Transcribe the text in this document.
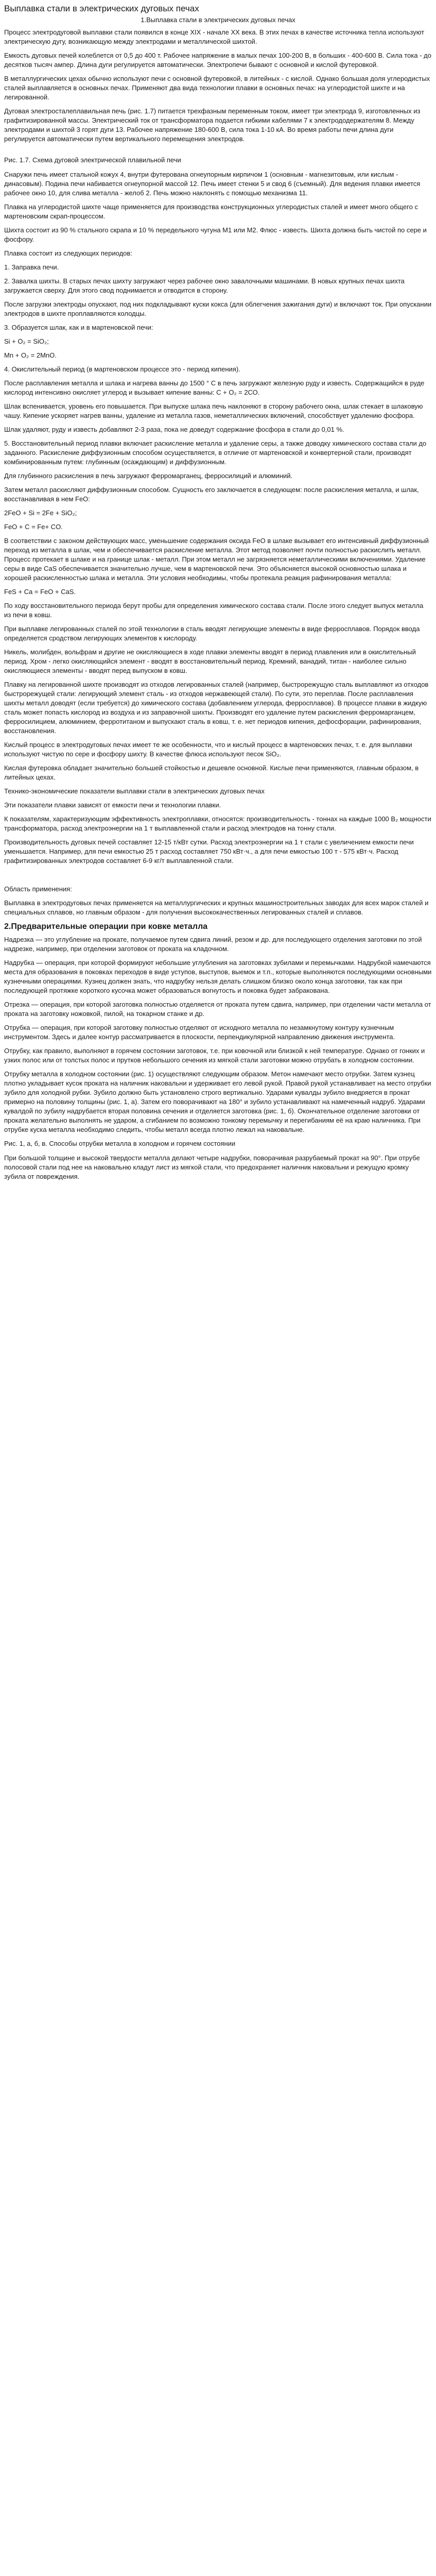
Выплавка стали в электрических дуговых печах
1.Выплавка стали в электрических дуговых печах

Процесс электродуговой выплавки стали появился в конце XIX - начале XX века. В этих печах в качестве источника тепла используют электрическую дугу, возникающую между электродами и металлической шихтой.

Емкость дуговых печей колеблется от 0,5 до 400 т. Рабочее напряжение в малых печах 100-200 В, в больших - 400-600 В. Сила тока - до десятков тысяч ампер. Длина дуги регулируется автоматически. Электропечи бывают с основной и кислой футеровкой.

В металлургических цехах обычно используют печи с основной футеровкой, в литейных - с кислой. Однако большая доля углеродистых сталей выплавляется в основных печах. Применяют два вида технологии плавки в основных печах: на углеродистой шихте и на легированной.

Дуговая электросталеплавильная печь (рис. 1.7) питается трехфазным переменным током, имеет три электрода 9, изготовленных из графитизированной массы. Электрический ток от трансформатора подается гибкими кабелями 7 к электрододержателям 8. Между электродами и шихтой 3 горят дуги 13. Рабочее напряжение 180-600 В, сила тока 1-10 кА. Во время работы печи длина дуги регулируется автоматически путем вертикального перемещения электродов.

Рис. 1.7. Схема дуговой электрической плавильной печи

Снаружи печь имеет стальной кожух 4, внутри футерована огнеупорным кирпичом 1 (основным - магнезитовым, или кислым - динасовым). Подина печи набивается огнеупорной массой 12. Печь имеет стенки 5 и свод 6 (съемный). Для ведения плавки имеется рабочее окно 10, для слива металла - желоб 2. Печь можно наклонять с помощью механизма 11.

Плавка на углеродистой шихте чаще применяется для производства конструкционных углеродистых сталей и имеет много общего с мартеновским скрап-процессом.

Шихта состоит из 90 % стального скрапа и 10 % передельного чугуна М1 или М2. Флюс - известь. Шихта должна быть чистой по сере и фосфору.

Плавка состоит из следующих периодов:

1. Заправка печи.

2. Завалка шихты. В старых печах шихту загружают через рабочее окно завалочными машинами. В новых крупных печах шихта загружается сверху. Для этого свод поднимается и отводится в сторону.

После загрузки электроды опускают, под них подкладывают куски кокса (для облегчения зажигания дуги) и включают ток. При опускании электродов в шихте проплавляются колодцы.

3. Образуется шлак, как и в мартеновской печи:

Si + O₂ = SiO₂;

Mn + O₂ = 2MnO.

4. Окислительный период (в мартеновском процессе это - период кипения).

После расплавления металла и шлака и нагрева ванны до 1500 ° С в печь загружают железную руду и известь. Содержащийся в руде кислород интенсивно окисляет углерод и вызывает кипение ванны: С + О₂ = 2СО.

Шлак вспенивается, уровень его повышается. При выпуске шлака печь наклоняют в сторону рабочего окна, шлак стекает в шлаковую чашу. Кипение ускоряет нагрев ванны, удаление из металла газов, неметаллических включений, способствует удалению фосфора.

Шлак удаляют, руду и известь добавляют 2-3 раза, пока не доведут содержание фосфора в стали до 0,01 %.

5. Восстановительный период плавки включает раскисление металла и удаление серы, а также доводку химического состава стали до заданного. Раскисление диффузионным способом осуществляется, в отличие от мартеновской и конвертерной стали, производят комбинированным путем: глубинным (осаждающим) и диффузионным.

Для глубинного раскисления в печь загружают ферромарганец, ферросилиций и алюминий.

Затем металл раскисляют диффузионным способом. Сущность его заключается в следующем: после раскисления металла, и шлак, восстанавливая в нем FeO:

2FeO + Si = 2Fe + SiO₂;

FeO + C = Fe+ CO.

В соответствии с законом действующих масс, уменьшение содержания оксида FeO в шлаке вызывает его интенсивный диффузионный переход из металла в шлак, чем и обеспечивается раскисление металла. Этот метод позволяет почти полностью раскислить металл. Процесс протекает в шлаке и на границе шлак - металл. При этом металл не загрязняется неметаллическими включениями. Удаление серы в виде CaS обеспечивается значительно лучше, чем в мартеновской печи. Это объясняется высокой основностью шлака и хорошей раскисленностью шлака и металла. Эти условия необходимы, чтобы протекала реакция рафинирования металла:

FeS + Ca = FeO + CaS.

По ходу восстановительного периода берут пробы для определения химического состава стали. После этого следует выпуск металла из печи в ковш.

При выплавке легированных сталей по этой технологии в сталь вводят легирующие элементы в виде ферросплавов. Порядок ввода определяется сродством легирующих элементов к кислороду.

Никель, молибден, вольфрам и другие не окисляющиеся в ходе плавки элементы вводят в период плавления или в окислительный период. Хром - легко окисляющийся элемент - вводят в восстановительный период. Кремний, ванадий, титан - наиболее сильно окисляющиеся элементы - вводят перед выпуском в ковш.

Плавку на легированной шихте производят из отходов легированных сталей (например, быстрорежущую сталь выплавляют из отходов быстрорежущей стали: легирующий элемент сталь - из отходов нержавеющей стали). По сути, это переплав. После расплавления шихты металл доводят (если требуется) до химического состава (добавлением углерода, ферросплавов). В процессе плавки в жидкую сталь может попасть кислород из воздуха и из заправочной шихты. Производят его удаление путем раскисления ферромарганцем, ферросилицием, алюминием, ферротитаном и выпускают сталь в ковш, т. е. нет периодов кипения, дефосфорации, рафинирования, восстановления.

Кислый процесс в электродуговых печах имеет те же особенности, что и кислый процесс в мартеновских печах, т. е. для выплавки используют чистую по сере и фосфору шихту. В качестве флюса используют песок SiO₂.

Кислая футеровка обладает значительно большей стойкостью и дешевле основной. Кислые печи применяются, главным образом, в литейных цехах.

Технико-экономические показатели выплавки стали в электрических дуговых печах

Эти показатели плавки зависят от емкости печи и технологии плавки.

К показателям, характеризующим эффективность электроплавки, относятся: производительность - тоннах на каждые 1000 В₂ мощности трансформатора, расход электроэнергии на 1 т выплавленной стали и расход электродов на тонну стали.

Производительность дуговых печей составляет 12-15 т/кВт сутки. Расход электроэнергии на 1 т стали с увеличением емкости печи уменьшается. Например, для печи емкостью 25 т расход составляет 750 кВт·ч., а для печи емкостью 100 т - 575 кВт·ч. Расход графитизированных электродов составляет 6-9 кг/т выплавленной стали.

Область применения:

Выплавка в электродуговых печах применяется на металлургических и крупных машиностроительных заводах для всех марок сталей и специальных сплавов, но главным образом - для получения высококачественных легированных сталей и сплавов.

2.Предварительные операции при ковке металла

Надрезка — это углубление на прокате, получаемое путем сдвига линий, резом и др. для последующего отделения заготовки по этой надрезке, например, при отделении заготовок от проката на кладочном.

Надрубка — операция, при которой формируют небольшие углубления на заготовках зубилами и перемычками. Надрубкой намечаются места для образования в поковках переходов в виде уступов, выступов, выемок и т.п., которые выполняются последующими основными кузнечными операциями. Кузнец должен знать, что надрубку нельзя делать слишком близко около конца заготовки, так как при последующей протяжке короткого кусочка может образоваться вогнутость и поковка будет забракована.

Отрезка — операция, при которой заготовка полностью отделяется от проката путем сдвига, например, при отделении части металла от проката на заготовку ножовкой, пилой, на токарном станке и др.

Отрубка — операция, при которой заготовку полностью отделяют от исходного металла по незамкнутому контуру кузнечным инструментом. Здесь и далее контур рассматривается в плоскости, перпендикулярной направлению движения инструмента.

Отрубку, как правило, выполняют в горячем состоянии заготовок, т.е. при ковочной или близкой к ней температуре. Однако от гонких и узких полос или от толстых полос и прутков небольшого сечения из мягкой стали заготовки можно отрубать в холодном состоянии.

Отрубку металла в холодном состоянии (рис. 1) осуществляют следующим образом. Метон намечают место отрубки. Затем кузнец плотно укладывает кусок проката на наличник наковальни и удерживает его левой рукой. Правой рукой устанавливает на место отрубки зубило для холодной рубки. Зубило должно быть установлено строго вертикально. Ударами кувалды зубило внедряется в прокат примерно на половину толщины (рис. 1, а). Затем его поворачивают на 180° и зубило устанавливают на намеченный надруб. Ударами кувалдой по зубилу надрубается вторая половина сечения и отделяется заготовка (рис. 1, б). Окончательное отделение заготовки от проката желательно выполнять не ударом, а сгибанием по возможно тонкому перемычку и перегибаниям её на краю наличника. При отрубке куска металла необходимо следить, чтобы металл всегда плотно лежал на наковальне.

Рис. 1, а, б, в. Способы отрубки металла в холодном и горячем состоянии

При большой толщине и высокой твердости металла делают четыре надрубки, поворачивая разрубаемый прокат на 90°. При отрубе полосовой стали под нее на наковальню кладут лист из мягкой стали, что предохраняет наличник наковальни и режущую кромку зубила от повреждения.
